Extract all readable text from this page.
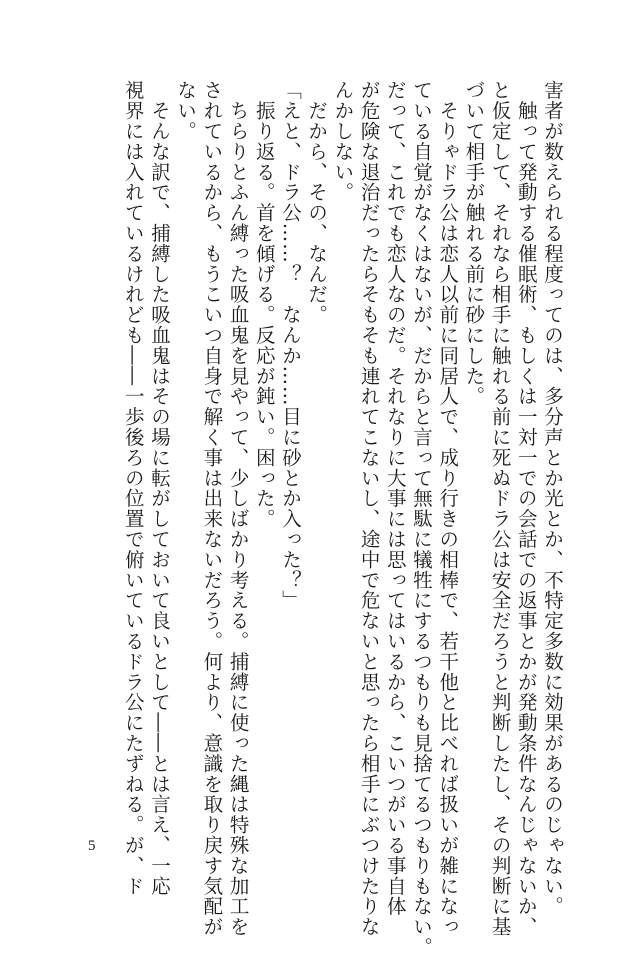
害者が数えられる程度ってのは、多分声とか光とか、不特定多数に効果があるのじゃない。
　触って発動する催眠術、もしくは一対一での会話での返事とかが発動条件なんじゃないか、
と仮定して、それなら相手に触れる前に死ぬドラ公は安全だろうと判断したし、その判断に基
づいて相手が触れる前に砂にした。
　そりゃドラ公は恋人以前に同居人で、成り行きの相棒で、若干他と比べれば扱いが雑になっ
ている自覚がなくはないが、だからと言って無駄に犠牲にするつもりも見捨てるつもりもない。
だって、これでも恋人なのだ。それなりに大事には思ってはいるから、こいつがいる事自体
が危険な退治だったらそもそも連れてこないし、途中で危ないと思ったら相手にぶつけたりな
んかしない。
　だから、その、なんだ。
「えと、ドラ公……？　なんか……目に砂とか入った？」
　振り返る。首を傾げる。反応が鈍い。困った。
　ちらりとふん縛った吸血鬼を見やって、少しばかり考える。捕縛に使った縄は特殊な加工を
されているから、もうこいつ自身で解く事は出来ないだろう。何より、意識を取り戻す気配が
ない。
　そんな訳で、捕縛した吸血鬼はその場に転がしておいて良いとして――とは言え、一応
視界には入れているけれども――一歩後ろの位置で俯いているドラ公にたずねる。が、ド
5
